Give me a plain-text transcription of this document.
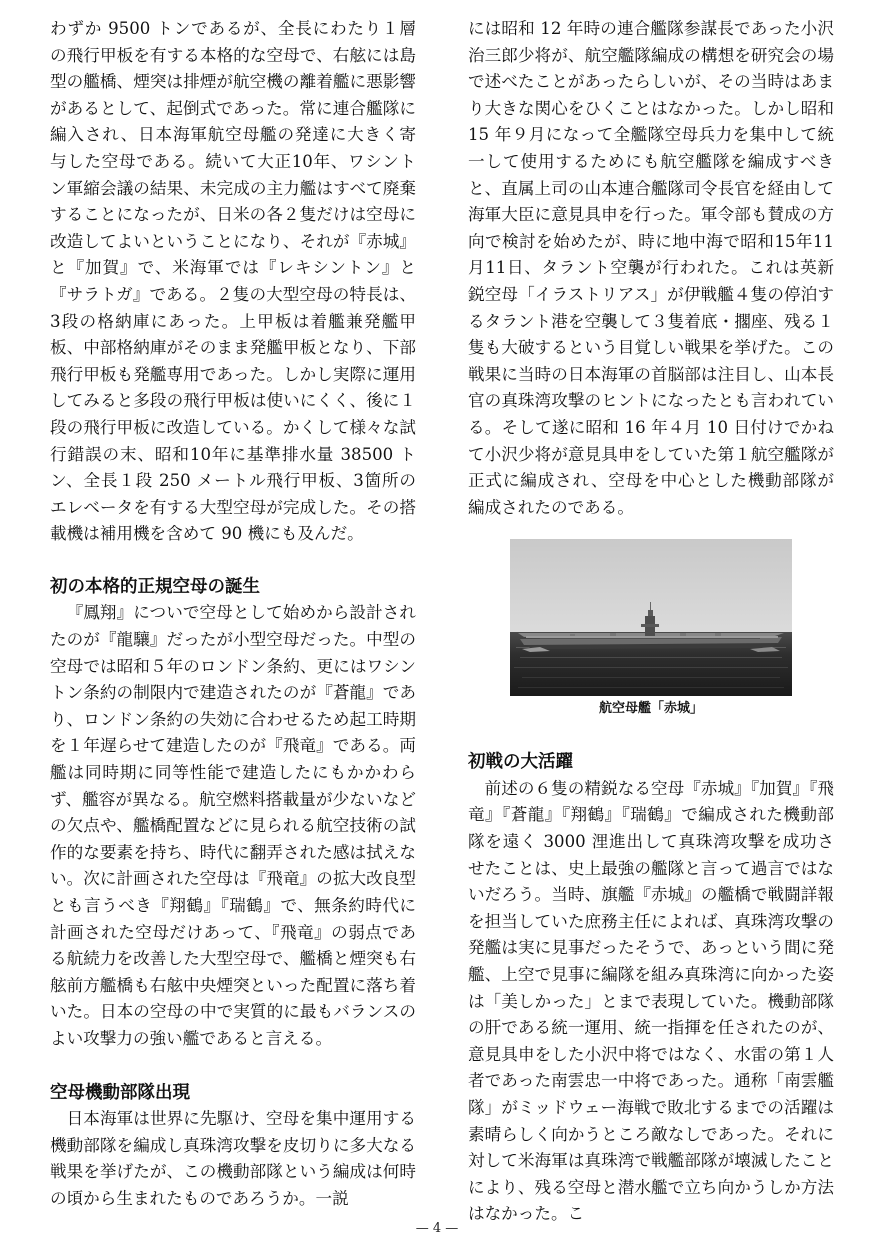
わずか 9500 トンであるが、全長にわたり１層の飛行甲板を有する本格的な空母で、右舷には島型の艦橋、煙突は排煙が航空機の離着艦に悪影響があるとして、起倒式であった。常に連合艦隊に編入され、日本海軍航空母艦の発達に大きく寄与した空母である。続いて大正10年、ワシントン軍縮会議の結果、未完成の主力艦はすべて廃棄することになったが、日米の各２隻だけは空母に改造してよいということになり、それが『赤城』と『加賀』で、米海軍では『レキシントン』と『サラトガ』である。２隻の大型空母の特長は、3段の格納庫にあった。上甲板は着艦兼発艦甲板、中部格納庫がそのまま発艦甲板となり、下部飛行甲板も発艦専用であった。しかし実際に運用してみると多段の飛行甲板は使いにくく、後に１段の飛行甲板に改造している。かくして様々な試行錯誤の末、昭和10年に基準排水量 38500 トン、全長１段 250 メートル飛行甲板、3箇所のエレベータを有する大型空母が完成した。その搭載機は補用機を含めて 90 機にも及んだ。

初の本格的正規空母の誕生

『鳳翔』についで空母として始めから設計されたのが『龍驤』だったが小型空母だった。中型の空母では昭和５年のロンドン条約、更にはワシントン条約の制限内で建造されたのが『蒼龍』であり、ロンドン条約の失効に合わせるため起工時期を１年遅らせて建造したのが『飛竜』である。両艦は同時期に同等性能で建造したにもかかわらず、艦容が異なる。航空燃料搭載量が少ないなどの欠点や、艦橋配置などに見られる航空技術の試作的な要素を持ち、時代に翻弄された感は拭えない。次に計画された空母は『飛竜』の拡大改良型とも言うべき『翔鶴』『瑞鶴』で、無条約時代に計画された空母だけあって、『飛竜』の弱点である航続力を改善した大型空母で、艦橋と煙突も右舷前方艦橋も右舷中央煙突といった配置に落ち着いた。日本の空母の中で実質的に最もバランスのよい攻撃力の強い艦であると言える。

空母機動部隊出現

日本海軍は世界に先駆け、空母を集中運用する機動部隊を編成し真珠湾攻撃を皮切りに多大なる戦果を挙げたが、この機動部隊という編成は何時の頃から生まれたものであろうか。一説

には昭和 12 年時の連合艦隊参謀長であった小沢治三郎少将が、航空艦隊編成の構想を研究会の場で述べたことがあったらしいが、その当時はあまり大きな関心をひくことはなかった。しかし昭和 15 年９月になって全艦隊空母兵力を集中して統一して使用するためにも航空艦隊を編成すべきと、直属上司の山本連合艦隊司令長官を経由して海軍大臣に意見具申を行った。軍令部も賛成の方向で検討を始めたが、時に地中海で昭和15年11月11日、タラント空襲が行われた。これは英新鋭空母「イラストリアス」が伊戦艦４隻の停泊するタラント港を空襲して３隻着底・擱座、残る１隻も大破するという目覚しい戦果を挙げた。この戦果に当時の日本海軍の首脳部は注目し、山本長官の真珠湾攻撃のヒントになったとも言われている。そして遂に昭和 16 年４月 10 日付けでかねて小沢少将が意見具申をしていた第１航空艦隊が正式に編成され、空母を中心とした機動部隊が編成されたのである。

航空母艦「赤城」
初戦の大活躍

前述の６隻の精鋭なる空母『赤城』『加賀』『飛竜』『蒼龍』『翔鶴』『瑞鶴』で編成された機動部隊を遠く 3000 浬進出して真珠湾攻撃を成功させたことは、史上最強の艦隊と言って過言ではないだろう。当時、旗艦『赤城』の艦橋で戦闘詳報を担当していた庶務主任によれば、真珠湾攻撃の発艦は実に見事だったそうで、あっという間に発艦、上空で見事に編隊を組み真珠湾に向かった姿は「美しかった」とまで表現していた。機動部隊の肝である統一運用、統一指揮を任されたのが、意見具申をした小沢中将ではなく、水雷の第１人者であった南雲忠一中将であった。通称「南雲艦隊」がミッドウェー海戦で敗北するまでの活躍は素晴らしく向かうところ敵なしであった。それに対して米海軍は真珠湾で戦艦部隊が壊滅したことにより、残る空母と潜水艦で立ち向かうしか方法はなかった。こ

— 4 —
